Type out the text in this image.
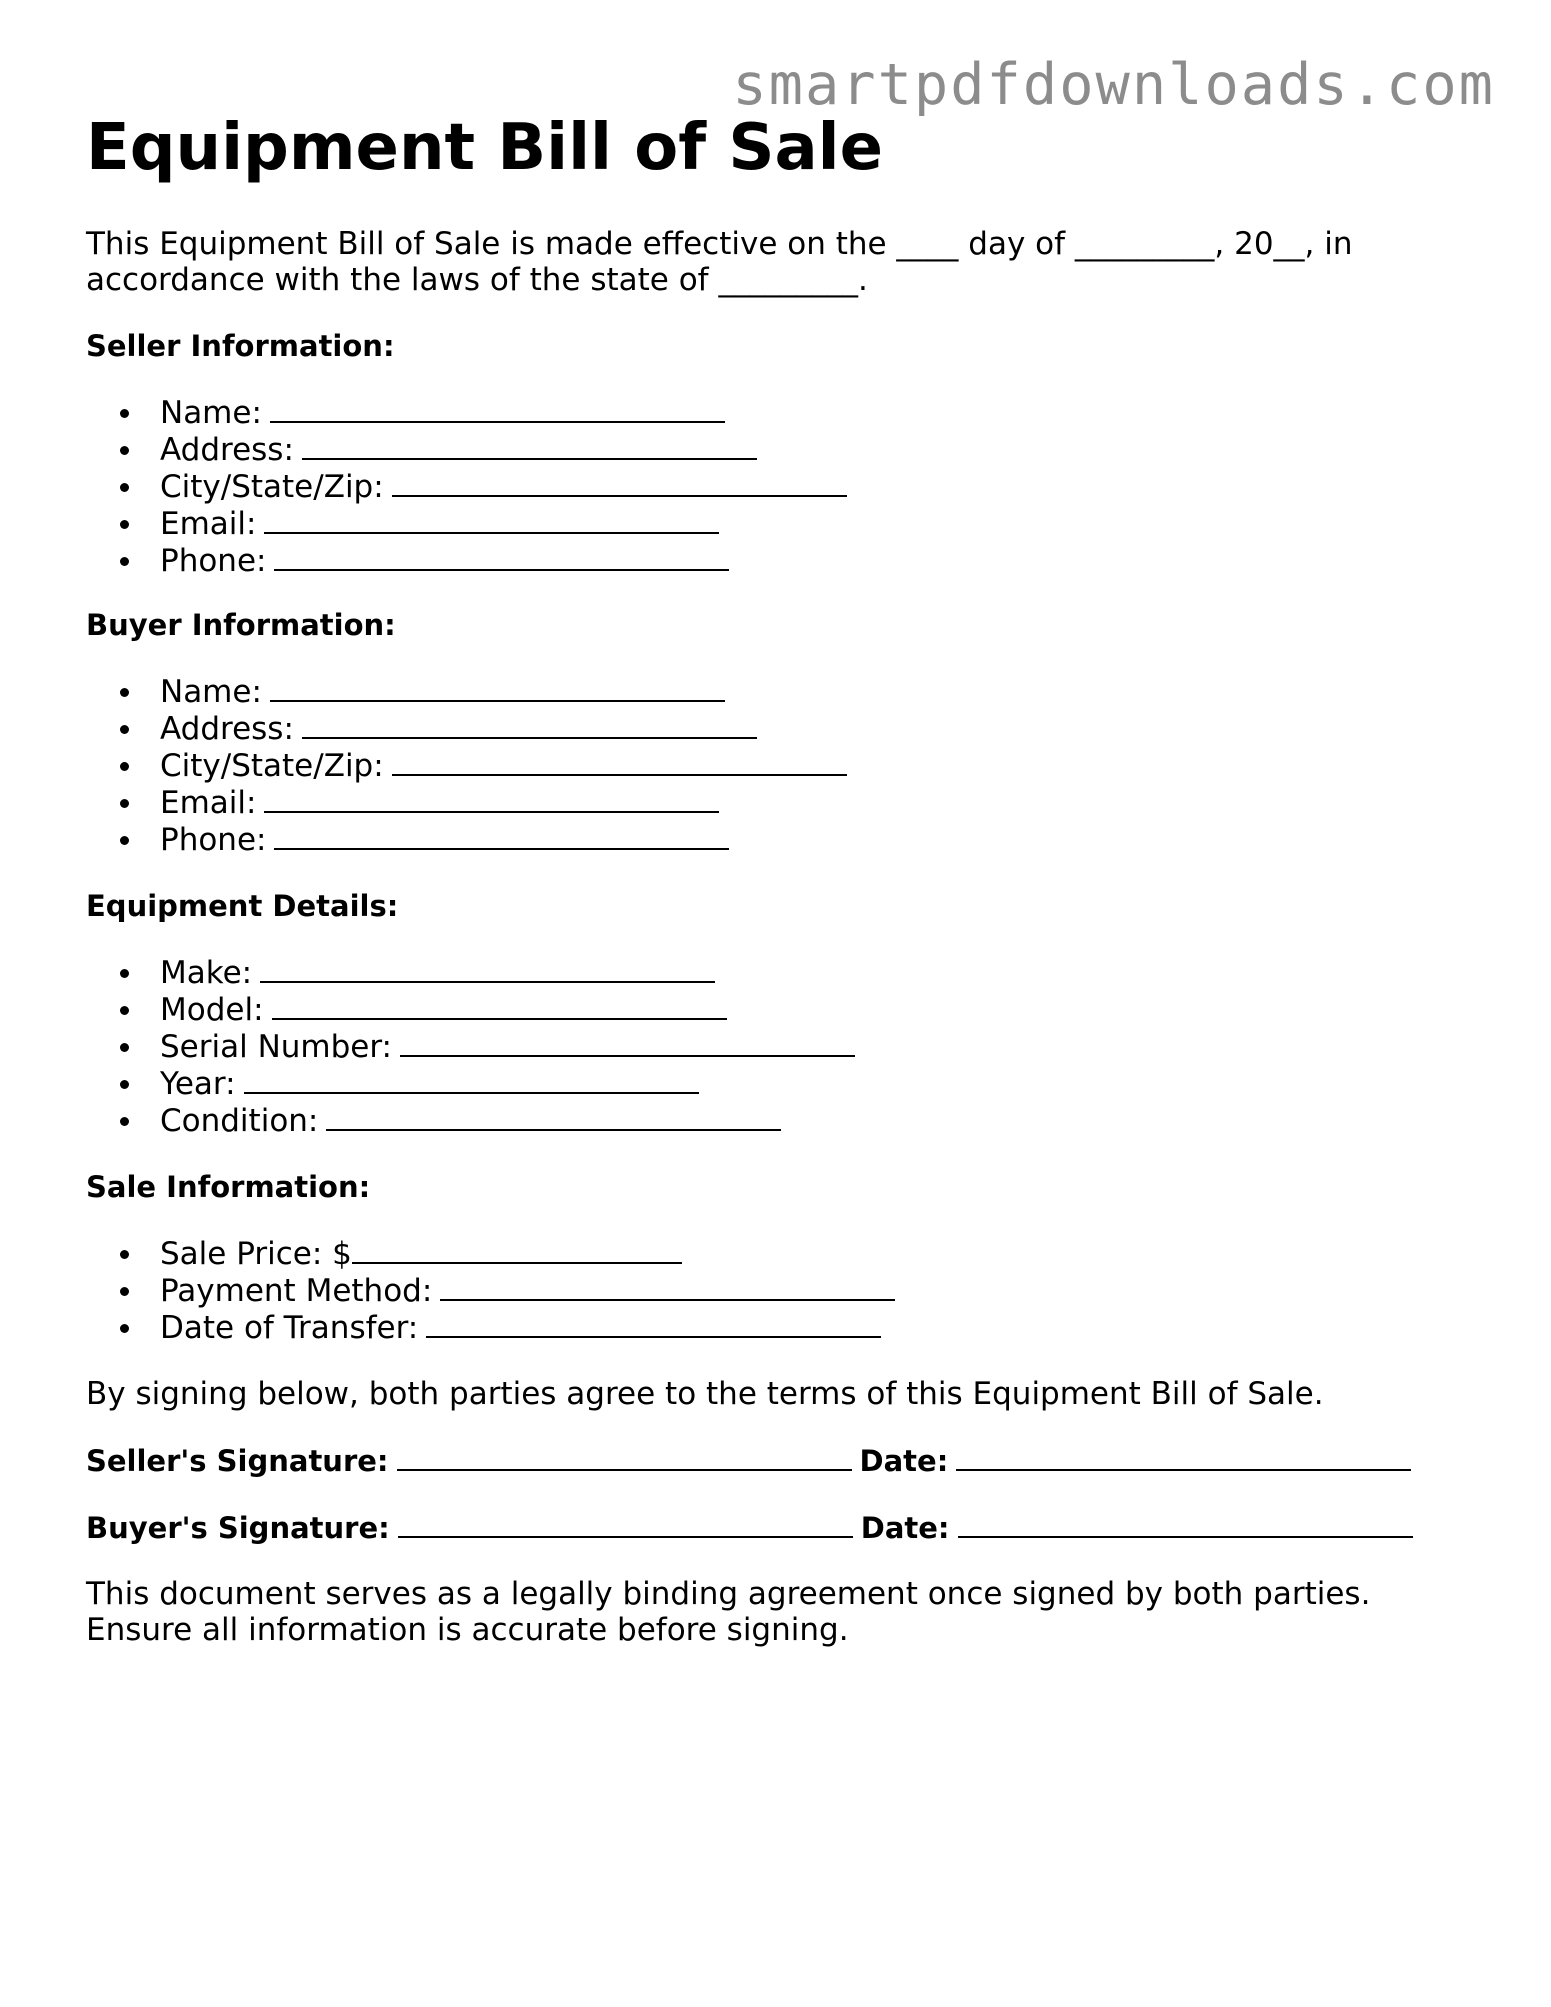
smartpdfdownloads.com
Equipment Bill of Sale

This Equipment Bill of Sale is made effective on the ____ day of _________, 20__, in accordance with the laws of the state of _________.

Seller Information:

Name:
Address:
City/State/Zip:
Email:
Phone:

Buyer Information:

Name:
Address:
City/State/Zip:
Email:
Phone:

Equipment Details:

Make:
Model:
Serial Number:
Year:
Condition:

Sale Information:

Sale Price: $
Payment Method:
Date of Transfer:

By signing below, both parties agree to the terms of this Equipment Bill of Sale.

Seller's Signature:	Date:

Buyer's Signature:	Date:

This document serves as a legally binding agreement once signed by both parties. Ensure all information is accurate before signing.
